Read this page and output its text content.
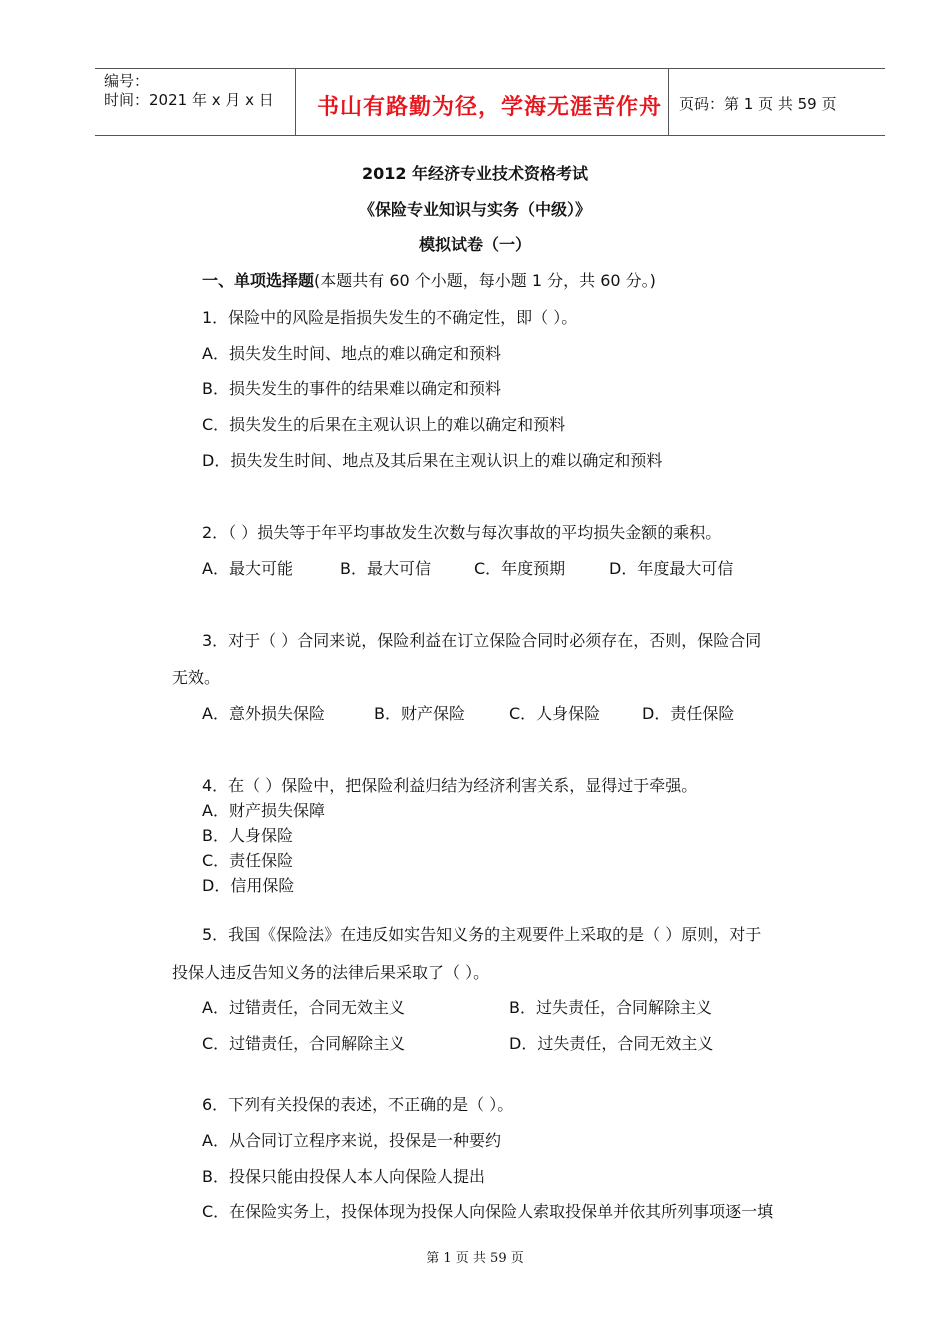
编号：
时间：2021 年 x 月 x 日 书山有路勤为径，学海无涯苦作舟 页码：第 1 页 共 59 页
2012 年经济专业技术资格考试
《保险专业知识与实务（中级）》
模拟试卷（一）
一、单项选择题(本题共有 60 个小题，每小题 1 分，共 60 分。)
1．保险中的风险是指损失发生的不确定性，即（ ）。
A．损失发生时间、地点的难以确定和预料
B．损失发生的事件的结果难以确定和预料
C．损失发生的后果在主观认识上的难以确定和预料
D．损失发生时间、地点及其后果在主观认识上的难以确定和预料
2．（ ）损失等于年平均事故发生次数与每次事故的平均损失金额的乘积。
A．最大可能	B．最大可信	C．年度预期	D．年度最大可信
3．对于（ ）合同来说，保险利益在订立保险合同时必须存在，否则，保险合同
无效。
A．意外损失保险	B．财产保险	C．人身保险	D．责任保险
4．在（ ）保险中，把保险利益归结为经济利害关系，显得过于牵强。
A．财产损失保障
B．人身保险
C．责任保险
D．信用保险
5．我国《保险法》在违反如实告知义务的主观要件上采取的是（ ）原则，对于
投保人违反告知义务的法律后果采取了（ ）。
A．过错责任，合同无效主义	B．过失责任，合同解除主义
C．过错责任，合同解除主义	D．过失责任，合同无效主义
6．下列有关投保的表述，不正确的是（ ）。
A．从合同订立程序来说，投保是一种要约
B．投保只能由投保人本人向保险人提出
C．在保险实务上，投保体现为投保人向保险人索取投保单并依其所列事项逐一填
第 1 页 共 59 页
